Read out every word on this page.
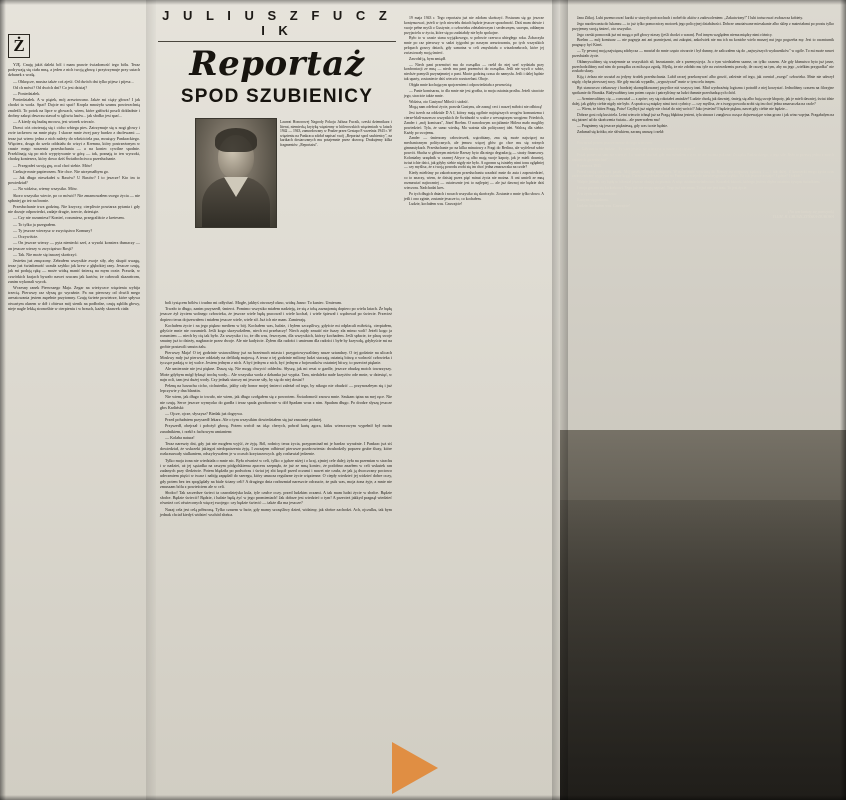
Ż
J U L I U S Z F U C Z I K
Reportaż
SPOD SZUBIENICY
Laureat Honorowej Nagrody Pokoju Juliusz Fuczik, czeski dziennikarz i literat, niemiecką krytykę więzienny w hitlerowskich więzieniach w latach 1942 — 1943, zamordowany w Pradze przez Gestapo 8 września 1943 r. W więzieniu na Pankracu zdołał napisać swój „Reportaż spod szubienicy", na kartkach dostarczanych mu potajemnie przez dozorcę. Drukujemy kilka fragmentów „Reportażu".

YJĘ. Cnuję jakiś daleki ból i mam prawie świadomość tego bólu. Teraz podrywają się ciała mną, a jeden z nich twoją głowę i przytrzymuje przy ustach dzbanek z wodą.

— Obkręcze, musisz także coś zjeść. Od dwóch dni tylko pijesz i pijesz...

Od ch mówi? Od dwóch dni? Co jest dzisiaj?

— Poniedziałek.

Poniedziałek. A w piątek, mój aresztowano. Jakże mi ciąży głowa! I jak chodzi ta woda. Spać! Dajcie mi spać! Kropla mnożyła szumu powierzchnią znaleźli. To potok na lipce w głowach, wiem, które gałówki poszli dokładnie i drobny zakręt deszczu stawał w igliwiu lasów... jak słodko jest spać...

— A kiedy się budzę mrowu, jest wtorek wieczór.

Drzwi cóż otwierają się i cicho wbiega pies. Zatrzymuje się u nogi głowy i zwie tackerow na mnie pięty. I skacze mnie żwej pary bardzo z dzolewami — teraz już wiem: jedna z nich należy do właściciela psa, mrużący Pankrackiego. Więcierz, druga do szefa oddziału do wizyt z Kremna, który postrzeżonym w cnasie mego noszenia przesłuchania — a na koniec cywilne spodnie. Przeklinają się po nich wypytywanie w górę — tak, poznają to ten wyrzoki, chodzę konieserz, który dowo dziś Światłochciwca przesłuchanie.

— Przegrałeś swoją grę, ocal choć siebie. Mów!

Czekuje mnie papierosem. Nie chce. Nie utrzymałbym go.

— Jak długo nieszkałeś u Baxów? U Baxów? I to jeszcze! Kto im to powiedział?

— No widzisz, wiemy wszystko. Mów.

Skoro wszystko wiecie, po co mówić? Nie zmarnowałem swego życia — nie spłaniej go też na bronie.

Przesłuchanie trwa godzinę. Nie krzyczy, cierpliwie powtarza pytania i gdy nie dozaje odpowiedzi, zadaje drugie, trzecie, dziesiąte.

— Czy nie rozumiesz? Konieć, rozumiesz, przegraliście z kretesem.

— To tylko ja przegrałem.

— Ty jeszcze wierzysz w zwycięstwo Komuny?

— Oczywiście.

— On jeszcze wierzy — pyta nieniecki szef, a wysoki konsierz tłumaczy — on jeszcze wierzy w zwycięstwo Rosji?

— Tak. Nie może się inaczej skończyć.

Jesteśm już zmęczony. Zebrałem wszystkie zwoje siły, aby skupić uwagę, teraz już świadomość uczuła szybko jak krew z głębokiej rany. Jeszcze czuję, jak mi podają rękę — może widzą manić śnierzą na mym oczie. Prawda, w czwórkich krajach bywało nawet rzucam jak kartów, że całowali skazańcom, zanim wykonali wyrok.

Wczesny ranek Pierwszego Maja. Zegar na wieżyczce więzienia wybija trzecią. Pierwszy raz słyszę go wyraźnie. Pa raz pierwszy od chwili mego aresztowania jestem zupełnie przytomny. Czuję świeże powietrze, które spływa otwartym oknem w dół i obiewa mój sienik na podłodze, czuję zębliła głowy, nieje nagle lekką stronośbie w cierpieniu i w brzuch, każdy skrawek ciała

boli tysiącem bólów i trudno mi odłychać. Mogłe, jakbyś otworzył okno, widzę Jasno: To kaniec. Umieram.

Trwało to długo, zanim przyszedł, śmierci. Pomimo wszystko miałem nadzieję, że się z tobą zaznajomię dopiero po wielu latach. Że będę jeszcze żył życiem wolnego człowieka, że jeszcze wiele będę pracował i wiele kochał, i wiele śpiewał i wędrował po świecie. Przecież dopiero teraz dojrzewałem i miałem jeszcze wiele, wiele sił. Już ich nie mam. Zamieraję.

Kochałem życie i na jego piękno mediem w bój. Kochałem was, ludzie, i byłem szczęśliwy, gdyście mi odpłacali miłością, cierpiałem, gdyście mnie nie rozumieli. Jeśli kogo skrzywdziłem, niech mi przebaczy! Niech zajdy zmutić nie fuzzy zła mimo woli! Jeżeli kogo ja rozumiem — niech by cię tak było. Za wszystko i to, że dła was, feszcryzm, dla wszystkich, którzy kochadem. Jeśli spłacie, że placę swoje smutny już to dzieży, nagłaracie przez dwoje. Ale nie kadyżcie. Żyłem dla radości i umieram dla radości i byłe by krzywdę, gdybyście mi na grobie postawili smutn żalu.

Pierwszy Maja! O tej godzinie wstawaliśmy już na brzeżnach miasta i przygotowywaliśmy nasze sztandary. O tej godzinie na ulicach Moskwy mdy już pierwsze oddziały na defiladę majową. A teraz o tej godzinie miliony ludzi staczają ostatnią bitwę o wolność człowieka i tyczące padają w tej walce. Jestem jednym z nich. A być jednym z nich, być jednym z bojowników ostatniej bitwy, to przecież pięknie.

Ale umieranie nie jest piękne. Duszę się. Nie mogę chwycić oddechu. Słyszę, jak mi reszt w gardle, jeszcze obudzę moich towarzyszy. Może gdybym mógł łyknąć trochę wody... Ale wszystka woda z dzbanka już wypita. Tam, niedaleko nade krzyżów ode mnie, w dziesięć, w najn ocli, tam jest dużej wody. Czy jednak starczy mi jeszcze siły, by się do niej dostać?

Pełznę na lurzuchu cicho, cichuteńko, jakby cały honor mojej śmierci zależał od tego, by nikogo nie obudzić — przynoszłeym się i już lepczywie y dna blanżin.

Nie wiem, jak długo to trwało, nie wiem, jak długo czołgałem się z powrotem. Świadomość znowu mnie. Szukam tętna na mej ręce. Nie nie czuję. Serce jeszcze wymyoko do gardła i teraz spada gwałtownie w dół Spadam wraz z nim. Spadam długo. Po drodze słyszę jeszcze głos Karliński:

— Ojcze, ojcze, słyszysz? Biedak już dogrywa.

Przed południem przyszedł lekarz. Ale o tym wszystkim dowiedziałem się już znacznie później.

Przyszedł, obejrzał i położył głowę. Potem wrócił na idąc cherych, pobrał kartę agora, kitku wiezorowym wypełnił był moim zaradnikiem, i rzekł z fachowym umianiem:

— Kolaba natura!

Teraz nareszty dni, gdy już nie mogłem wyjść, że żyję. Ból, rodnicy teraz życia, przypominał mi je bardzo wyraźnie. I Pankrac już siś dowiedział, że wskrzeki jakiegoś niedopatrzenia żyję. I zaczajem odbierać pierwsze pozdrowienia: dwuhodzily poprzez grube śluzy, które rozkrasuwały stulkaniem, odszyfrywałem je w ocasch korytarzowych. gdy rozbawiał jedzenie.

Tylko moja żona nie wiedziała o mnie nic. Była również w celi, tylko o jędrze niżej i o kraj, zjmiej cele dalej; żyła na przemian w strachu i w nadziei, aż jej sąsiadka na raszym pódgolskiemu zpaceru szepnęła, że już ze mną koniec, że podobno znarłem w celi wskutek ran zadanych przy śledztwie. Potem błądziła po podwórzu i świat jej zbi kręcił przed oczami i nawet nie czuła, że jak ją dwoczczny poctowo udeczmiem pięści w twarz i nabiję zapędził do szeregu, który umacza regularne życie więzienne. O ciepły wiedzieć jej widzieć dobre oczy, gdy potem bez tez spoglądały na biale ściany celi? A drugiego dnia rozbrzmiał nareszcie odczucie, że puls was, moja żona żyje, a mnie nie zmuszam bólu z powieściem ale w celi.

Słodco! Tak szczedrze świeci ta czarodziejska kula, tyle czułce oczy. przed ludzkim oczami. A tak mam ludzi życie w słodce. Będzie słodce. Będzie świecić! Będzie, i ludzie będą żyć w jego promieniach! Jak dobrze jest wiedzieć o tym! A przecież jakkyd pragnął wiedzieć również coś oświeconych więcej swojego: czy będzie świecić — także dla ma jeszcze?

Nazaj cela jest celą północną. Tylko czasem w łacie, gdy mamy szczęśliwy dzień, widzimy, jak słońce zachodzi. Ach, ojczulku, tak bym jednak chciał kiedyś widzieć wschód słońca.

19 maja 1943 r. Tego reportażu już nie zdołam skończyć. Postaram się go jeszcze kontynuować, jeżeli w tych niewielu dniach będzie jeszcze sposobność. Dziś mam dziwie i swoje pełne myśli o Gustynie, o człowieku zdetalnieczym i serdecznym, saceqm, oddanym przyjacielu w życiu, które się po zadziałały nie było spokojne.

Było to w czasie stanu wyjątkowego, w połowie czerwca ubiegłego roku. Żobaczyła mnie po raz pierwszy w sadzi tyjgodni po naszym aresztowaniu, po tych wszystkich pelopach gorzcy dniach, gdy samotna w celi zmyslniała o wizadonekroch, które jej zwiastowały moją śmierć.

Zawołał ją, bym zmiądł.

— Niech pani przemówi mu do rozsądku — rzekł do niej szef wydziału przy konfrontacji ze mną — niech mu pani przemówi do rozsądku. Jeśli nie wyzli o sobie, niechże pomyśli przynajmniej o pani. Macie godziną czasu do namysłu. Jeśli i dalej będzie tak uparty, zostaniecie dziś wieczór rozstrzelani. Oboje.

Objęła mnie kochającym spojrzeniem i odpowiedziała z pewnością:

— Panie komisarzu, to dla mnie nie jest groźba, to moja ostatnia prośba. Jeżeli stracicie jego, stracicie także mnie.

Widzisz, oto Gustyna! Miłość i stałość.

Mogą nam odebrać życie, prawda Gustynu, ale zasnę) ceci i nasze) miłości nie odbiorą!

Jest trzech na oddziale D A I, którzy mają ogólnie najcięższych wrogów komunizmu i cierze-blali-narzeczo wszystkich ile Świdnodó w walce z wewnętrzym wrogiem: Friedrich, Zander i „mój komisarz", Józef Boehm. O narodowym socjalizmie Hitlera mało mogliby powiedzieć. Tyla, że samo wiedzą. Ma ważnia siła politycznej idei. Walczą dla siebie. Każdy po swojemu.

Zander — śmierzony człowieczek, wątrobiany, zna się może najwięcej na mechanicznym politycznych, ale jemuw więcej głów go chce mu się rożnych gimnastykach. Przesłuchanie po na kilka minutowy z Fragi do Berlina, ale wyfelerał sobie powrót. Słucha w głównym mieście Rzeszy byto dla niego degradacją — straży finansowy. Kolonialny urzędnik w czarnej Afryce są albo mają swoje kapoty, jak je mieli dawniej, twiaż ichie dzici, jak gdyby siebie nigdy nie było. A ogromn są istnieby nimi tonu oględniej — czy myślisz, że z twoją powodu zrobi się im choć jedna zmarszczka na czole?

Kiedy mieliśmy po zakończonym przesłuchaniu waadzić mnie do auta i zapowiedzieć, co to znaczy, wiem, że dzisiaj przez pięć minut życia nie można. A oni umieli ze mną rozmawiać najtoczniej — ostatecznie jest to najlepiej — ale już dawnoj nie będzie dziś wieczoru. Nadchodzi kres.

Po tych długich dniach i nocach wszystko się skończyło. Zostanie o mnie tylko słowo. A jeśli i ono zginie, zostanie jeszcze to, co kochałem.

Ludzie, kochałem was. Czuwajcie!

Jana Zitkoj. Lubi przenocować kartki w starych pończochach i nobeł do aktów z zadowoleniem: „Zakutwiony!" I lubi torturować zwłaszcza kobiety.

Jego naodowaniu do lukanzu — to już tylko pomocniczy motorek jego policyjnej działalności. Dobrze umotaiwane mieszkanie albo sklep z materiałami po prostu tylko przyjemny swoją śmierć, oto wszystko.

Jego czeski pomocnik już mi mogą o pół głowy nizszy (jeśli chodzi o waran). Pod innym względem niema między nimi różnicy.

Boehm — mój komisarz — nie pagnyja ani ani pozniejszni, ani zakrętni, ankolwiek nie ma ich na koniche wielo muszej nut jego pogrzeba my. Jest to awanturnik pragnący być Kimś.

— Ty pewnoj moją najwięsną zdobycza — mawiał do mnie często otwarcie i był dumny, że zaliczałem się do „najwyższych wydawników" w ogóle. To mi może nawet przesłużało życie.

Okłamywaliśmy się wzajemnie za wszystkich sił, bezustannie, ale z przemystycja. Ja o tym wiedziałem szanse, on tylko czasem. Ale gdy kłamstwo byto już jasne, przechodziliśmy nad nim do porządku za milcząca zgodą. Myślę, że nie zdołało mu tyle na zwierzdzeniu prawdy, ile raczej na tym, aby na jego „wielkim przypadku" nie zoskało skazy.

Kiją i żelaza nie uważał za jedyny środek przesłuchania. Lubił raczej przekonywać albo grozić, zależnie od tego, jak oceniał „swego" człowieka. Mnie nie uderzył nigdy, chyba pierwszej nocy. Ale gdy mu tak wypadło, „wypożyczał" mnie w tym celu innym.

Byt stanowczo ciekawszy i bardziej skomplikowanej przyrlice niż wszyscy inni. Miał wyobraźnię logiczna i potrafił z niej korzystać. Jednoliśmy czasem na filozyjne spotkanie do Branika. Białywałiśmy tam potem często i patrzyliśmy na ludzi tłumnie przechadzących chód.

— Arentmvaliśmy cię — rozważał — z apóre; czy się rokotałeś amisdże? Ludzie chodą jak dawniej, śmieją się albo bują swoje kłopoty, jak je mieli dawniej, świat idzie dalej, jak gdyby ciebie nigdy nie było. A spraśca są między nimi twoi cyrlnicy — czy myślisz, że z twego powodu zrobi się im choć jedna zmarszczka na czole?

— Wiem, że bitiez Pragę, Patrz! Czylbyś już nigdy nie chciał do niej wrócić? Jako jesteśm? I będzie piękna, nawet gdy ciebie nie będzie...

Dobrze gost rolę kusiciela. Letni wieczór tchnął już za Pragą błękitna jesteni, tyla sinawa i zanglowa oczącz dojrzewające wina grozo i jak wino wqejna. Pragaładym na nią jutrzeć ad do skończenia świata... ale przerwałem mu!

— Pragniemy się jeszcze pięknieszą, gdy was tu nie będzie.

Zadumał się krótko, nie słówkiem, zacznę unoszę i rzekł:

— Jestań rysik.

Powtarzał potem jeszcze nieraz do tego wieczoru:

— Gdy nas tu nie będzie... Ty wiez jesteśc nie wierzysz w nasze zwycięstwo?

Pytał, ponieważ sam nie wierzył. I w ważnie słuchał, gdy mu mówiłem o tym, że nie można pokonać Związku Radzieckiego, o jego sile. Było to przeszą jedno z moich ostatnich „przesłuchań".

9 czerwca 1943.

Przed swoją celą wisi pasek. Mój pasek. Oznaka transportu. W nocy mnie wywiozą do Rzeszy na rozprawę sądową i — i tak dalej. Z kmmecki mego życia czas zarkoczniczne wygrywa ostatnie kręgi. Czterysta jedenaście dni na Pankracu miejedo niewiarygodnie szybko. Ile ich jeszcze zostaje? I gdzie? I jakich?

Wafpie jednak, czy będę w ich miał jeszcze okazję do pisania. A więc ostatnia świadectwo. Kawałek historii, którego jestem chyba ostatnim żywym świadkiem.

I moja gra zna się ku końcowi. Tego już nie mogą napisać. Tego już nie znam. To już nie jest teatr. To jest życie.

A w życiu nie ma widzów.

Kurtyna się podnosi.

Ludzie, kochałem was. Czuwajcie!

(Na tym kończy się pamiętnik)

TŁUM. H. GRUSZCZYŃSKA-DUBOWA
